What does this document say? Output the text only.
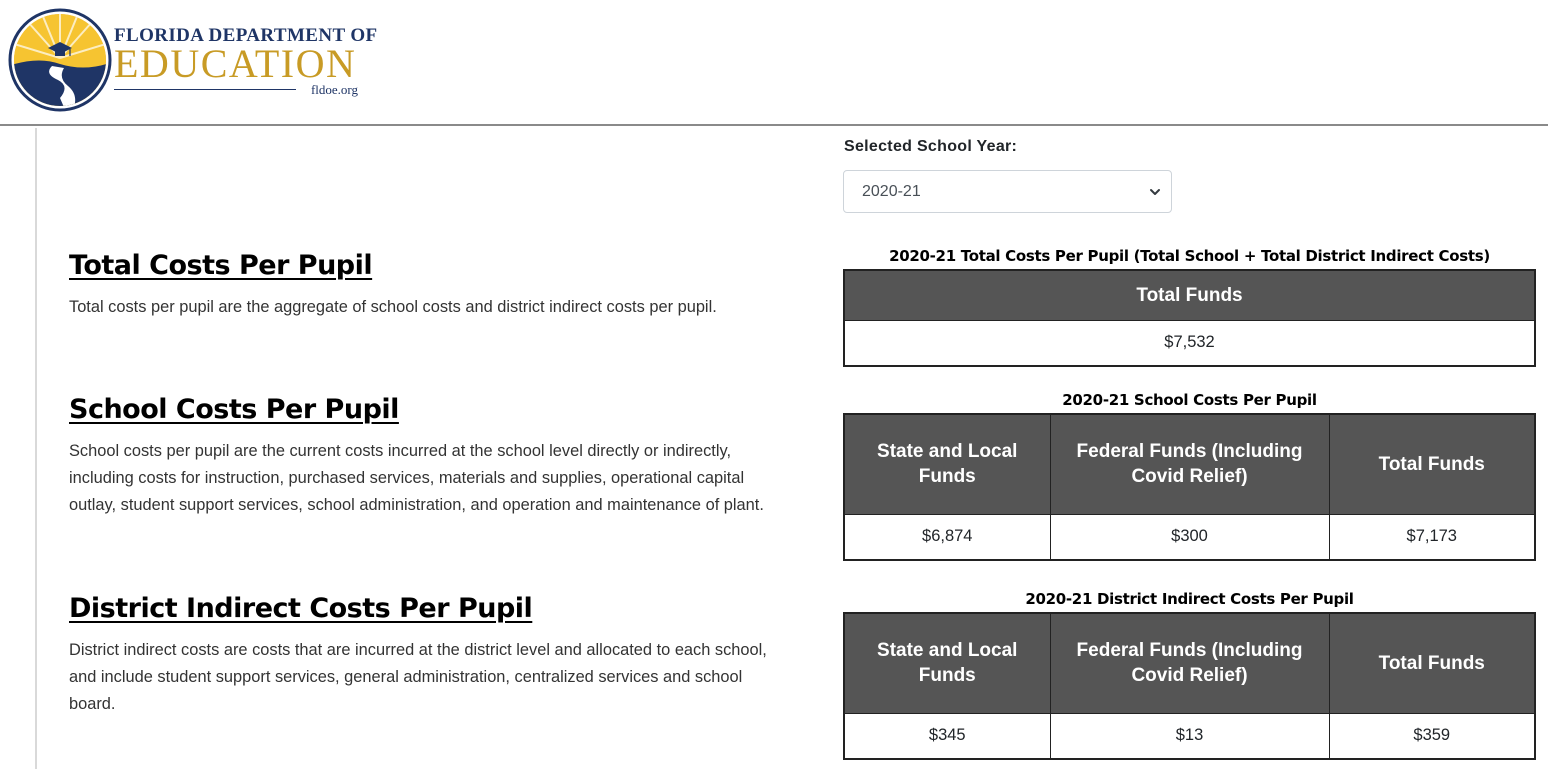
FLORIDA DEPARTMENT OF
EDUCATION
fldoe.org
Selected School Year:
2020-21
Total Costs Per Pupil
Total costs per pupil are the aggregate of school costs and district indirect costs per pupil.
School Costs Per Pupil
School costs per pupil are the current costs incurred at the school level directly or indirectly, including costs for instruction, purchased services, materials and supplies, operational capital outlay, student support services, school administration, and operation and maintenance of plant.
District Indirect Costs Per Pupil
District indirect costs are costs that are incurred at the district level and allocated to each school, and include student support services, general administration, centralized services and school board.
2020-21 Total Costs Per Pupil (Total School + Total District Indirect Costs)
Total Funds
$7,532
2020-21 School Costs Per Pupil
State and Local Funds	Federal Funds (Including Covid Relief)	Total Funds
$6,874	$300	$7,173
2020-21 District Indirect Costs Per Pupil
State and Local Funds	Federal Funds (Including Covid Relief)	Total Funds
$345	$13	$359
